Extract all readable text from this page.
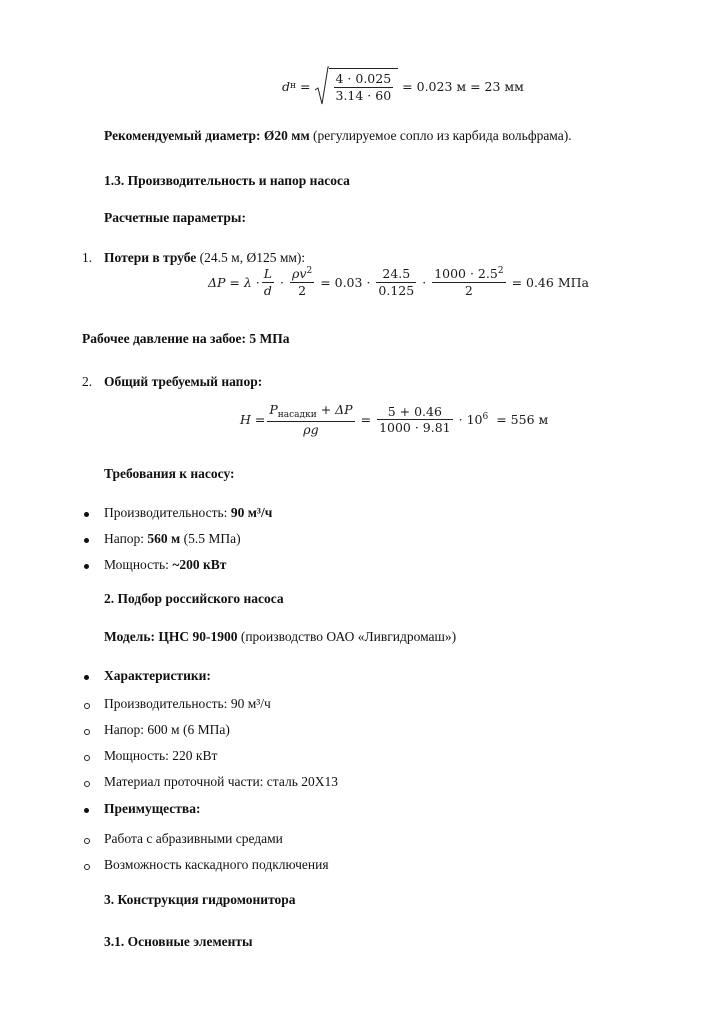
d н =	$\frac{4 \cdot 0.025}{3.14 \cdot 60} = 0.023$ м = 23 мм
Рекомендуемый диаметр: Ø20 мм (регулируемое сопло из карбида вольфрама).
1.3. Производительность и напор насоса
Расчетные параметры:
1. Потери в трубе (24.5 м, Ø125 мм):
$\Delta P = \lambda \cdot \frac{L}{d} \cdot \frac{\rho v^2}{2} = 0.03 \cdot \frac{24.5}{0.125} \cdot \frac{1000 \cdot 2.5^2}{2} = 0.46$ МПа
Рабочее давление на забое: 5 МПа
2. Общий требуемый напор:
$H = \frac{P_{насадки} + \Delta P}{\rho g} = \frac{5 + 0.46}{1000 \cdot 9.81} \cdot 10^6 = 556$ м
Требования к насосу:
Производительность: 90 м³/ч
Напор: 560 м (5.5 МПа)
Мощность: ~200 кВт
2. Подбор российского насоса
Модель: ЦНС 90-1900 (производство ОАО «Ливгидромаш»)
Характеристики:
Производительность: 90 м³/ч
Напор: 600 м (6 МПа)
Мощность: 220 кВт
Материал проточной части: сталь 20Х13
Преимущества:
Работа с абразивными средами
Возможность каскадного подключения
3. Конструкция гидромонитора
3.1. Основные элементы
